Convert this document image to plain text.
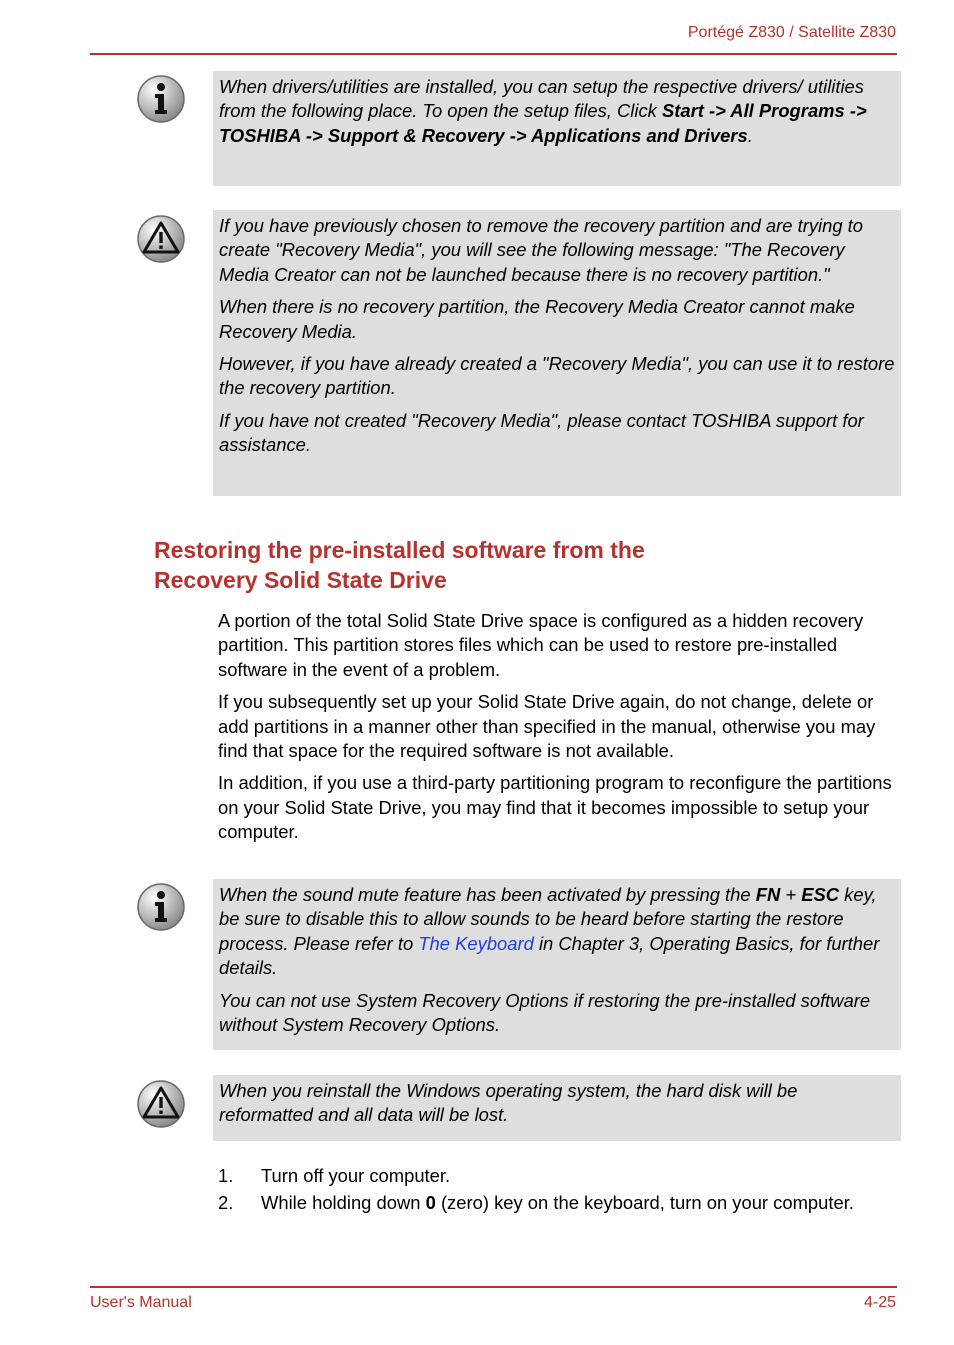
Portégé Z830 / Satellite Z830

When drivers/utilities are installed, you can setup the respective drivers/ utilities from the following place. To open the setup files, Click Start -> All Programs -> TOSHIBA -> Support & Recovery -> Applications and Drivers.

If you have previously chosen to remove the recovery partition and are trying to create "Recovery Media", you will see the following message: "The Recovery Media Creator can not be launched because there is no recovery partition."

When there is no recovery partition, the Recovery Media Creator cannot make Recovery Media.

However, if you have already created a "Recovery Media", you can use it to restore the recovery partition.

If you have not created "Recovery Media", please contact TOSHIBA support for assistance.

Restoring the pre-installed software from the
Recovery Solid State Drive

A portion of the total Solid State Drive space is configured as a hidden recovery partition. This partition stores files which can be used to restore pre-installed software in the event of a problem.

If you subsequently set up your Solid State Drive again, do not change, delete or add partitions in a manner other than specified in the manual, otherwise you may find that space for the required software is not available.

In addition, if you use a third-party partitioning program to reconfigure the partitions on your Solid State Drive, you may find that it becomes impossible to setup your computer.

When the sound mute feature has been activated by pressing the FN + ESC key, be sure to disable this to allow sounds to be heard before starting the restore process. Please refer to The Keyboard in Chapter 3, Operating Basics, for further details.

You can not use System Recovery Options if restoring the pre-installed software without System Recovery Options.

When you reinstall the Windows operating system, the hard disk will be reformatted and all data will be lost.

1.	Turn off your computer.
2.	While holding down 0 (zero) key on the keyboard, turn on your computer.
User's Manual	4-25
